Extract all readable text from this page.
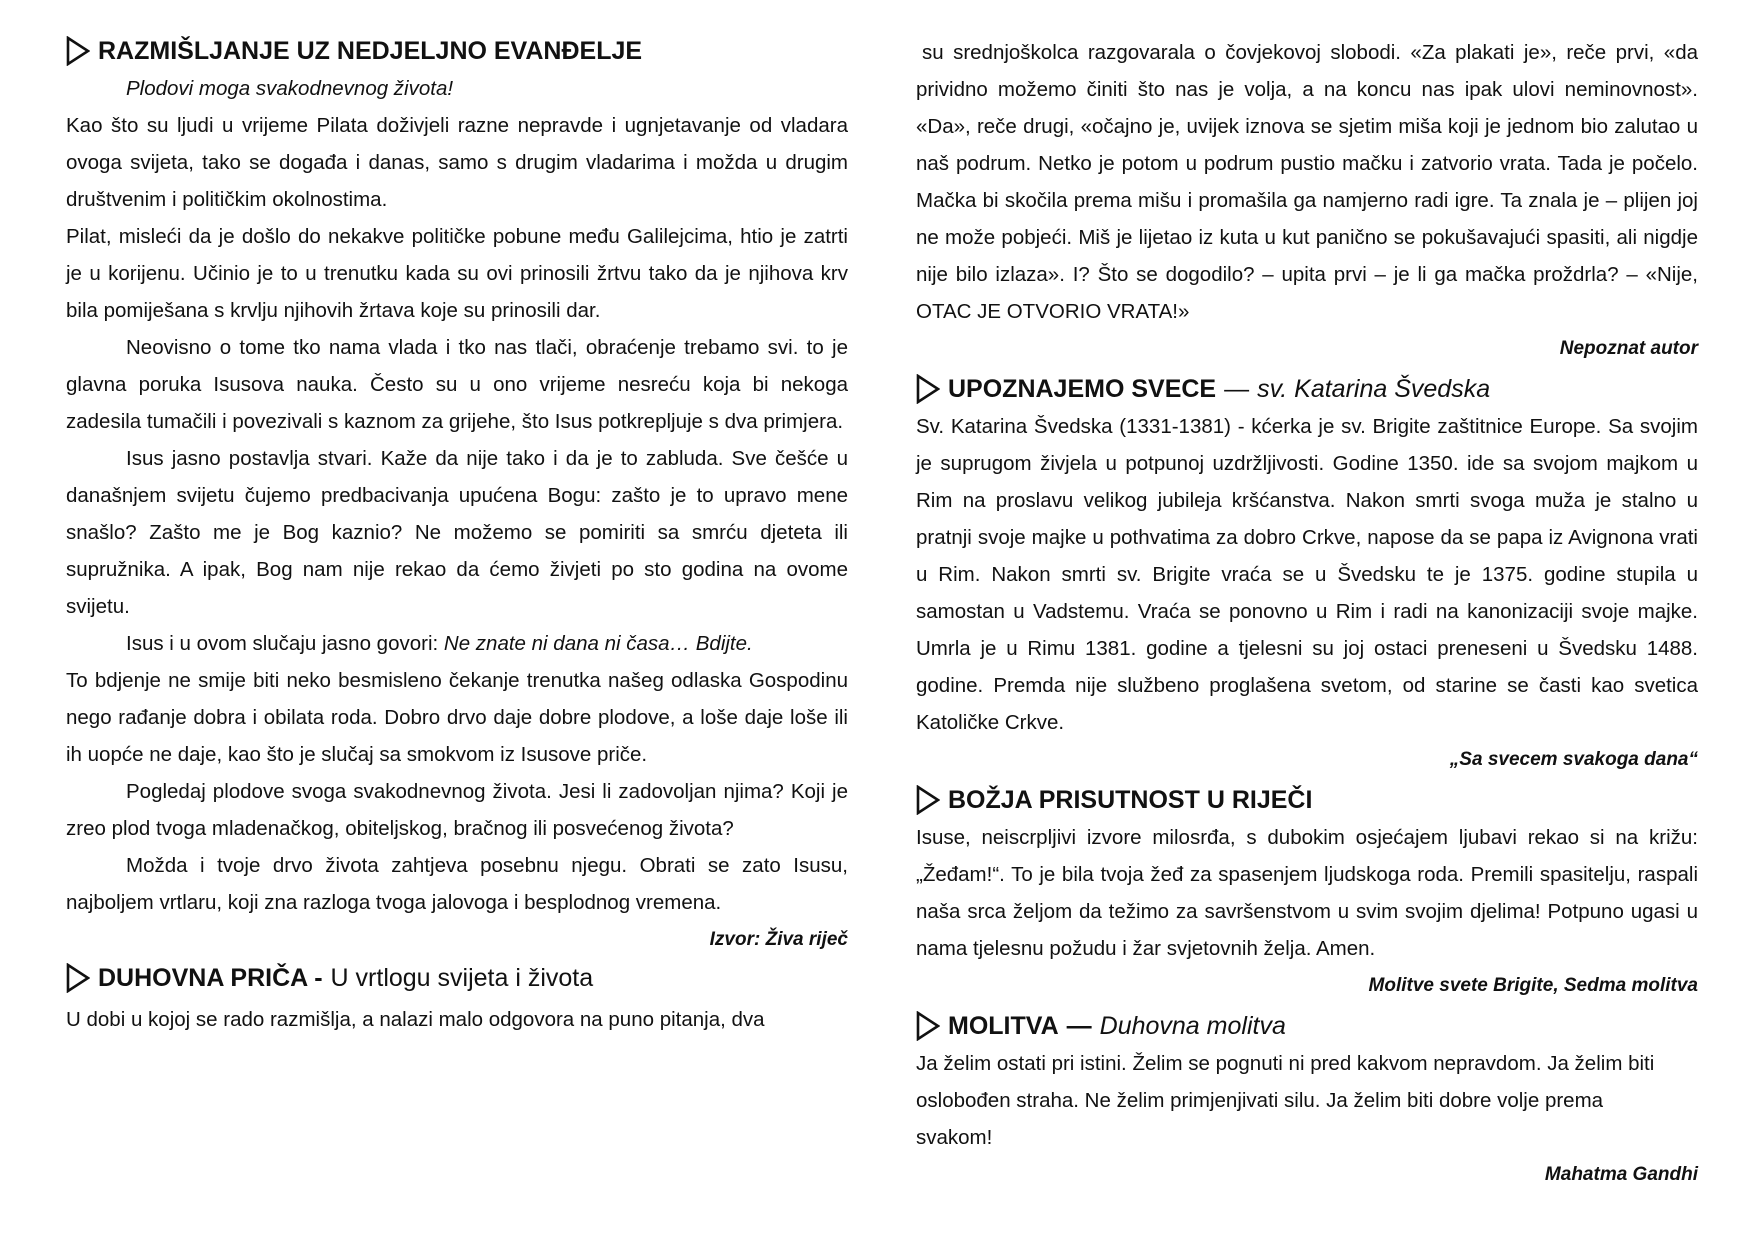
RAZMIŠLJANJE UZ NEDJELJNO EVANĐELJE

Plodovi moga svakodnevnog života!

Kao što su ljudi u vrijeme Pilata doživjeli razne nepravde i ugnjetavanje od vladara ovoga svijeta, tako se događa i danas, samo s drugim vladarima i možda u drugim društvenim i političkim okolnostima.

Pilat, misleći da je došlo do nekakve političke pobune među Galilejcima, htio je zatrti je u korijenu. Učinio je to u trenutku kada su ovi prinosili žrtvu tako da je njihova krv bila pomiješana s krvlju njihovih žrtava koje su prinosili dar.

Neovisno o tome tko nama vlada i tko nas tlači, obraćenje trebamo svi. to je glavna poruka Isusova nauka. Često su u ono vrijeme nesreću koja bi nekoga zadesila tumačili i povezivali s kaznom za grijehe, što Isus potkrepljuje s dva primjera.

Isus jasno postavlja stvari. Kaže da nije tako i da je to zabluda. Sve češće u današnjem svijetu čujemo predbacivanja upućena Bogu: zašto je to upravo mene snašlo? Zašto me je Bog kaznio? Ne možemo se pomiriti sa smrću djeteta ili supružnika. A ipak, Bog nam nije rekao da ćemo živjeti po sto godina na ovome svijetu.

Isus i u ovom slučaju jasno govori: Ne znate ni dana ni časa… Bdijte.

To bdjenje ne smije biti neko besmisleno čekanje trenutka našeg odlaska Gospodinu nego rađanje dobra i obilata roda. Dobro drvo daje dobre plodove, a loše daje loše ili ih uopće ne daje, kao što je slučaj sa smokvom iz Isusove priče.

Pogledaj plodove svoga svakodnevnog života. Jesi li zadovoljan njima? Koji je zreo plod tvoga mladenačkog, obiteljskog, bračnog ili posvećenog života?

Možda i tvoje drvo života zahtjeva posebnu njegu. Obrati se zato Isusu, najboljem vrtlaru, koji zna razloga tvoga jalovoga i besplodnog vremena.

Izvor: Živa riječ

DUHOVNA PRIČA - U vrtlogu svijeta i života

U dobi u kojoj se rado razmišlja, a nalazi malo odgovora na puno pitanja, dva

su srednjoškolca razgovarala o čovjekovoj slobodi. «Za plakati je», reče prvi, «da prividno možemo činiti što nas je volja, a na koncu nas ipak ulovi neminovnost». «Da», reče drugi, «očajno je, uvijek iznova se sjetim miša koji je jednom bio zalutao u naš podrum. Netko je potom u podrum pustio mačku i zatvorio vrata. Tada je počelo. Mačka bi skočila prema mišu i promašila ga namjerno radi igre. Ta znala je – plijen joj ne može pobjeći. Miš je lijetao iz kuta u kut panično se pokušavajući spasiti, ali nigdje nije bilo izlaza». I? Što se dogodilo? – upita prvi – je li ga mačka proždrla? – «Nije, OTAC JE OTVORIO VRATA!»

Nepoznat autor

UPOZNAJEMO SVECE — sv. Katarina Švedska

Sv. Katarina Švedska (1331-1381) - kćerka je sv. Brigite zaštitnice Europe. Sa svojim je suprugom živjela u potpunoj uzdržljivosti. Godine 1350. ide sa svojom majkom u Rim na proslavu velikog jubileja kršćanstva. Nakon smrti svoga muža je stalno u pratnji svoje majke u pothvatima za dobro Crkve, napose da se papa iz Avignona vrati u Rim. Nakon smrti sv. Brigite vraća se u Švedsku te je 1375. godine stupila u samostan u Vadstemu. Vraća se ponovno u Rim i radi na kanonizaciji svoje majke. Umrla je u Rimu 1381. godine a tjelesni su joj ostaci preneseni u Švedsku 1488. godine. Premda nije službeno proglašena svetom, od starine se časti kao svetica Katoličke Crkve.

„Sa svecem svakoga dana“

BOŽJA PRISUTNOST U RIJEČI

Isuse, neiscrpljivi izvore milosrđa, s dubokim osjećajem ljubavi rekao si na križu: „Žeđam!“. To je bila tvoja žeđ za spasenjem ljudskoga roda. Premili spasitelju, raspali naša srca željom da težimo za savršenstvom u svim svojim djelima! Potpuno ugasi u nama tjelesnu požudu i žar svjetovnih želja. Amen.

Molitve svete Brigite, Sedma molitva

MOLITVA — Duhovna molitva

Ja želim ostati pri istini. Želim se pognuti ni pred kakvom nepravdom. Ja želim biti oslobođen straha. Ne želim primjenjivati silu. Ja želim biti dobre volje prema svakom!

Mahatma Gandhi
